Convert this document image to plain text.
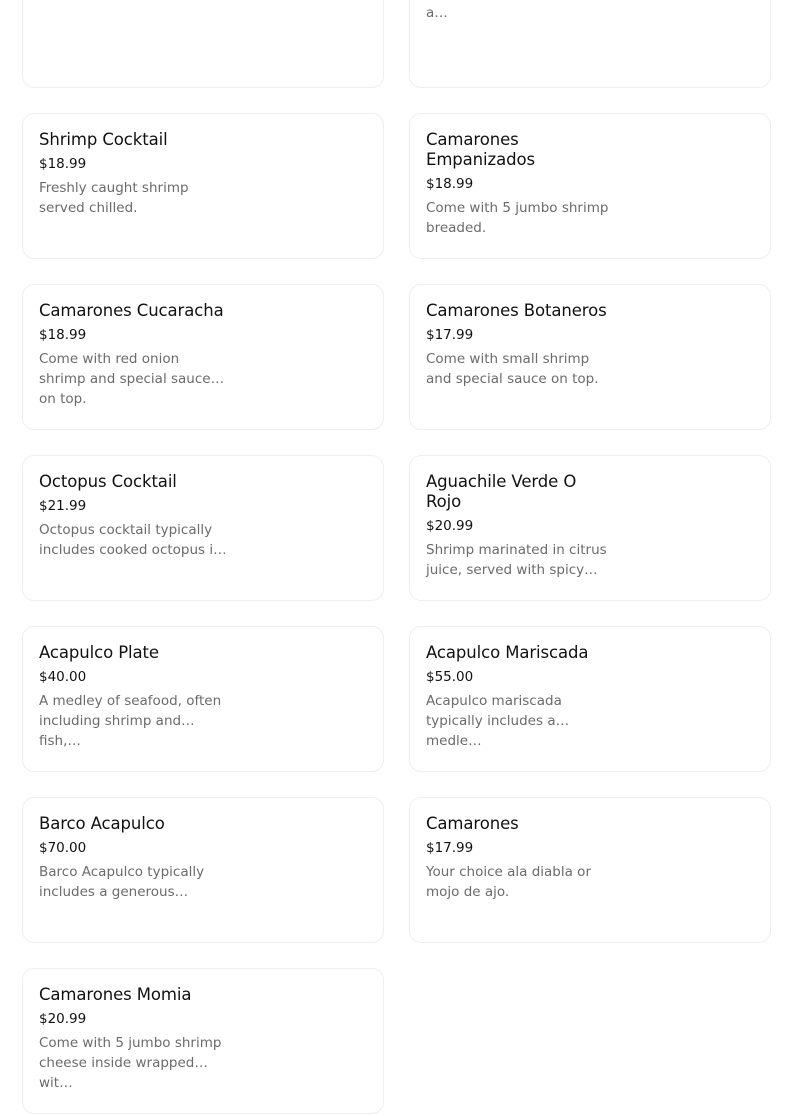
a…
Shrimp Cocktail
$18.99
Freshly caught shrimp served chilled.
Camarones Empanizados
$18.99
Come with 5 jumbo shrimp breaded.
Camarones Cucaracha
$18.99
Come with red onion shrimp and special sauce on top.
Camarones Botaneros
$17.99
Come with small shrimp and special sauce on top.
Octopus Cocktail
$21.99
Octopus cocktail typically includes cooked octopus i…
Aguachile Verde O Rojo
$20.99
Shrimp marinated in citrus juice, served with spicy…
Acapulco Plate
$40.00
A medley of seafood, often including shrimp and fish,…
Acapulco Mariscada
$55.00
Acapulco mariscada typically includes a medle…
Barco Acapulco
$70.00
Barco Acapulco typically includes a generous…
Camarones
$17.99
Your choice ala diabla or mojo de ajo.
Camarones Momia
$20.99
Come with 5 jumbo shrimp cheese inside wrapped wit…
